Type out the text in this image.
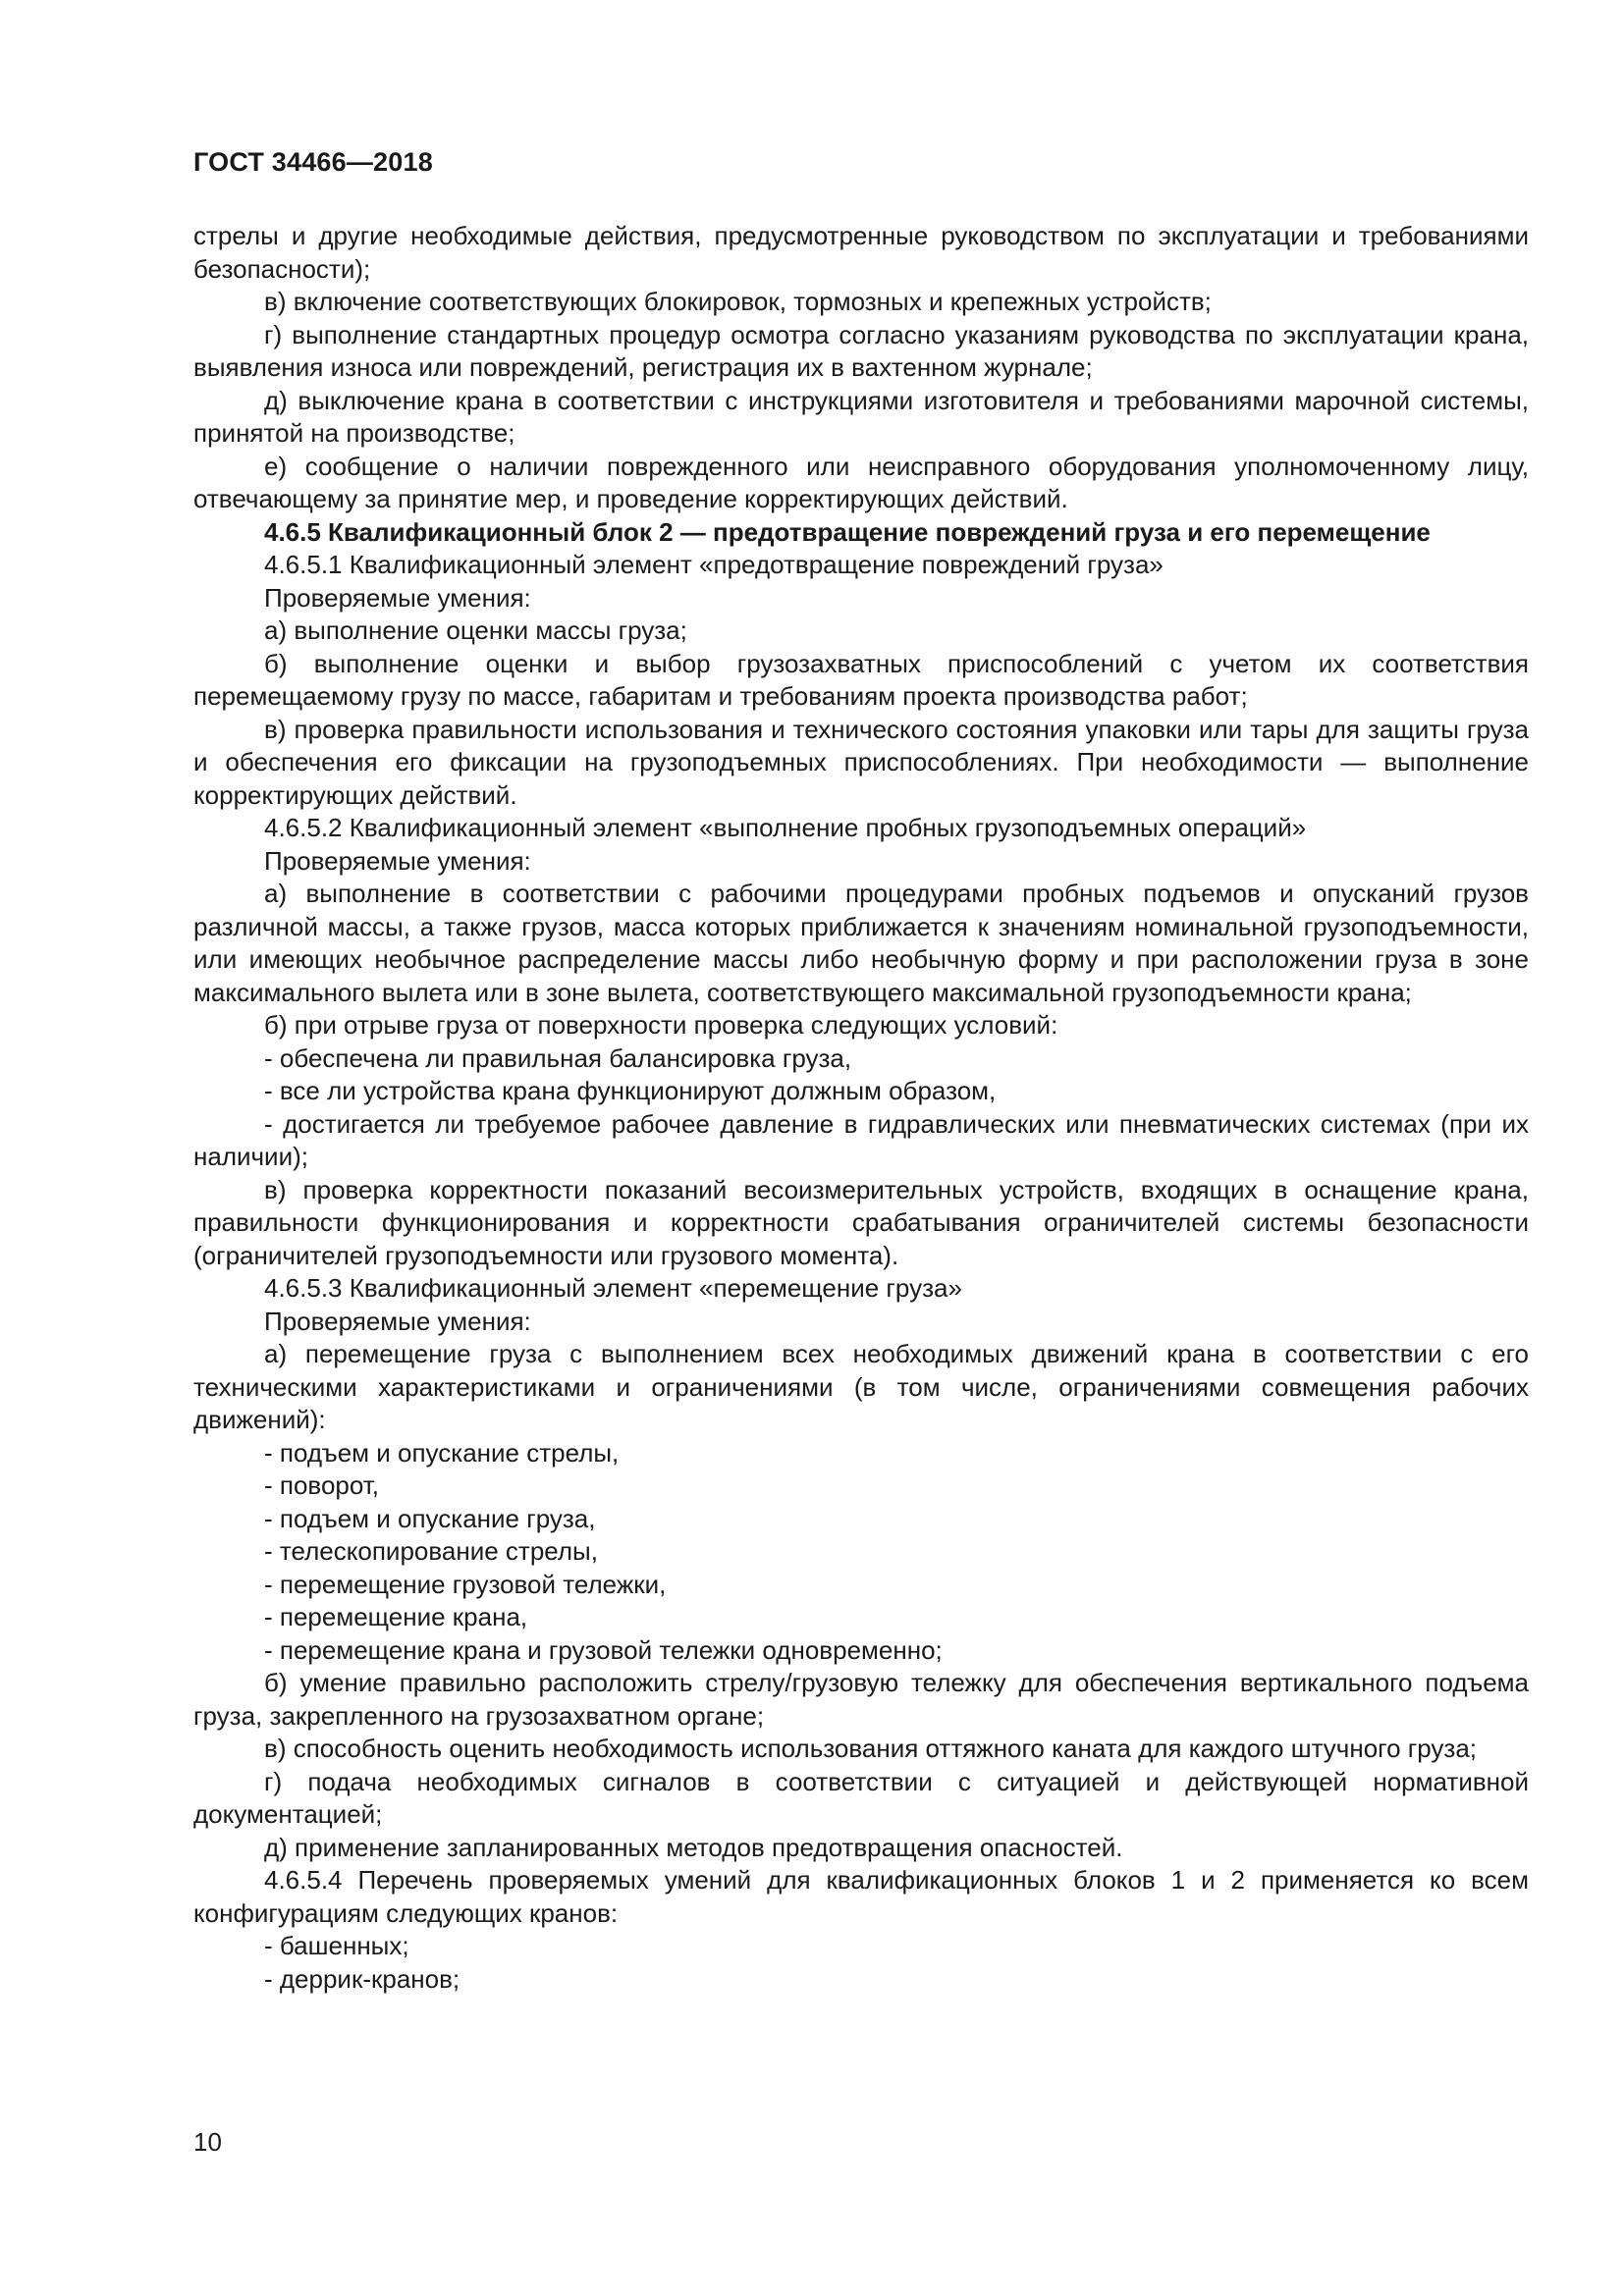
ГОСТ 34466—2018

стрелы и другие необходимые действия, предусмотренные руководством по эксплуатации и требованиями безопасности);

в) включение соответствующих блокировок, тормозных и крепежных устройств;

г) выполнение стандартных процедур осмотра согласно указаниям руководства по эксплуатации крана, выявления износа или повреждений, регистрация их в вахтенном журнале;

д) выключение крана в соответствии с инструкциями изготовителя и требованиями марочной системы, принятой на производстве;

е) сообщение о наличии поврежденного или неисправного оборудования уполномоченному лицу, отвечающему за принятие мер, и проведение корректирующих действий.

4.6.5 Квалификационный блок 2 — предотвращение повреждений груза и его перемещение

4.6.5.1 Квалификационный элемент «предотвращение повреждений груза»

Проверяемые умения:

а) выполнение оценки массы груза;

б) выполнение оценки и выбор грузозахватных приспособлений с учетом их соответствия перемещаемому грузу по массе, габаритам и требованиям проекта производства работ;

в) проверка правильности использования и технического состояния упаковки или тары для защиты груза и обеспечения его фиксации на грузоподъемных приспособлениях. При необходимости — выполнение корректирующих действий.

4.6.5.2 Квалификационный элемент «выполнение пробных грузоподъемных операций»

Проверяемые умения:

а) выполнение в соответствии с рабочими процедурами пробных подъемов и опусканий грузов различной массы, а также грузов, масса которых приближается к значениям номинальной грузоподъемности, или имеющих необычное распределение массы либо необычную форму и при расположении груза в зоне максимального вылета или в зоне вылета, соответствующего максимальной грузоподъемности крана;

б) при отрыве груза от поверхности проверка следующих условий:

- обеспечена ли правильная балансировка груза,

- все ли устройства крана функционируют должным образом,

- достигается ли требуемое рабочее давление в гидравлических или пневматических системах (при их наличии);

в) проверка корректности показаний весоизмерительных устройств, входящих в оснащение крана, правильности функционирования и корректности срабатывания ограничителей системы безопасности (ограничителей грузоподъемности или грузового момента).

4.6.5.3 Квалификационный элемент «перемещение груза»

Проверяемые умения:

а) перемещение груза с выполнением всех необходимых движений крана в соответствии с его техническими характеристиками и ограничениями (в том числе, ограничениями совмещения рабочих движений):

- подъем и опускание стрелы,

- поворот,

- подъем и опускание груза,

- телескопирование стрелы,

- перемещение грузовой тележки,

- перемещение крана,

- перемещение крана и грузовой тележки одновременно;

б) умение правильно расположить стрелу/грузовую тележку для обеспечения вертикального подъема груза, закрепленного на грузозахватном органе;

в) способность оценить необходимость использования оттяжного каната для каждого штучного груза;

г) подача необходимых сигналов в соответствии с ситуацией и действующей нормативной документацией;

д) применение запланированных методов предотвращения опасностей.

4.6.5.4 Перечень проверяемых умений для квалификационных блоков 1 и 2 применяется ко всем конфигурациям следующих кранов:

- башенных;

- деррик-кранов;

10
